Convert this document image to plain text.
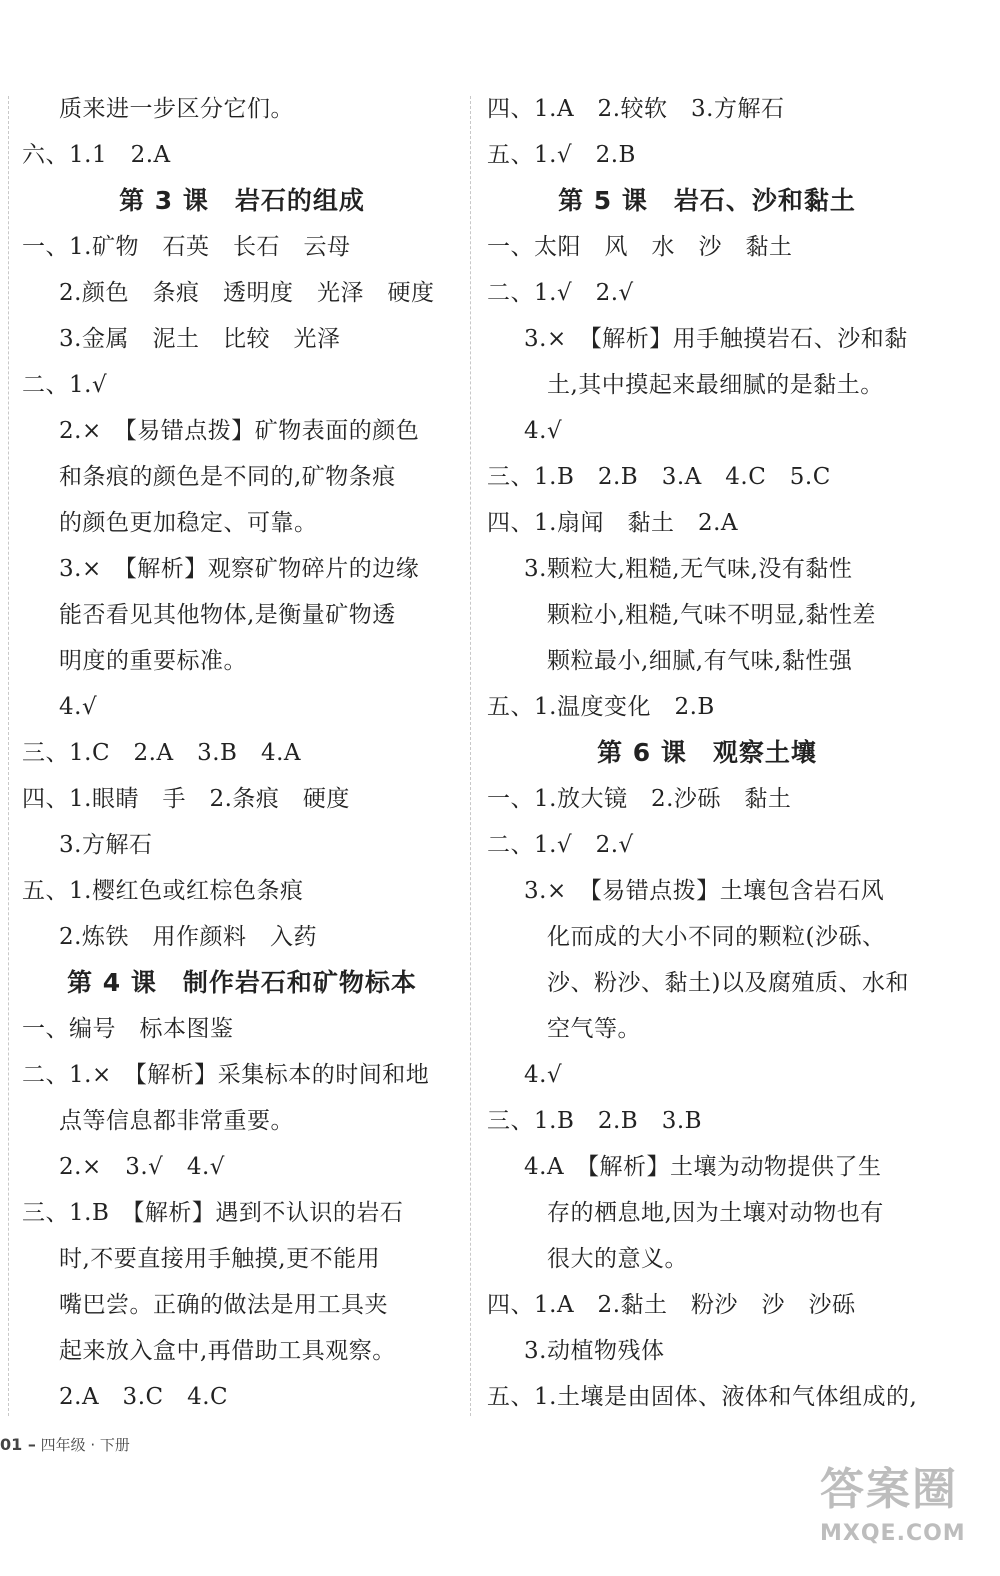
质来进一步区分它们。
六、1.1　2.A
第 3 课　岩石的组成
一、1.矿物　石英　长石　云母
2.颜色　条痕　透明度　光泽　硬度
3.金属　泥土　比较　光泽
二、1.√
2.×　【易错点拨】矿物表面的颜色
和条痕的颜色是不同的,矿物条痕
的颜色更加稳定、可靠。
3.×　【解析】观察矿物碎片的边缘
能否看见其他物体,是衡量矿物透
明度的重要标准。
4.√
三、1.C　2.A　3.B　4.A
四、1.眼睛　手　2.条痕　硬度
3.方解石
五、1.樱红色或红棕色条痕
2.炼铁　用作颜料　入药
第 4 课　制作岩石和矿物标本
一、编号　标本图鉴
二、1.×　【解析】采集标本的时间和地
点等信息都非常重要。
2.×　3.√　4.√
三、1.B　【解析】遇到不认识的岩石
时,不要直接用手触摸,更不能用
嘴巴尝。正确的做法是用工具夹
起来放入盒中,再借助工具观察。
2.A　3.C　4.C
四、1.A　2.较软　3.方解石
五、1.√　2.B
第 5 课　岩石、沙和黏土
一、太阳　风　水　沙　黏土
二、1.√　2.√
3.×　【解析】用手触摸岩石、沙和黏
土,其中摸起来最细腻的是黏土。
4.√
三、1.B　2.B　3.A　4.C　5.C
四、1.扇闻　黏土　2.A
3.颗粒大,粗糙,无气味,没有黏性
颗粒小,粗糙,气味不明显,黏性差
颗粒最小,细腻,有气味,黏性强
五、1.温度变化　2.B
第 6 课　观察土壤
一、1.放大镜　2.沙砾　黏土
二、1.√　2.√
3.×　【易错点拨】土壤包含岩石风
化而成的大小不同的颗粒(沙砾、
沙、粉沙、黏土)以及腐殖质、水和
空气等。
4.√
三、1.B　2.B　3.B
4.A　【解析】土壤为动物提供了生
存的栖息地,因为土壤对动物也有
很大的意义。
四、1.A　2.黏土　粉沙　沙　沙砾
3.动植物残体
五、1.土壤是由固体、液体和气体组成的,
01 – 四年级 · 下册
答案圈
MXQE.COM
